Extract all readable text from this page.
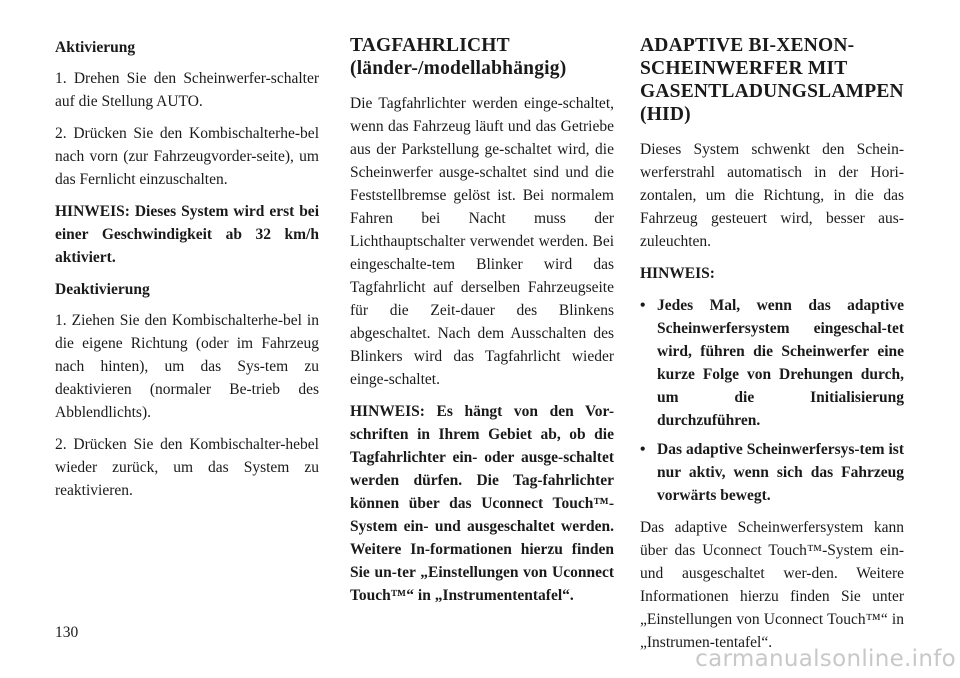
Aktivierung

1. Drehen Sie den Scheinwerfer-schalter auf die Stellung AUTO.

2. Drücken Sie den Kombischalterhe-bel nach vorn (zur Fahrzeugvorder-seite), um das Fernlicht einzuschalten.

HINWEIS: Dieses System wird erst bei einer Geschwindigkeit ab 32 km/h aktiviert.

Deaktivierung

1. Ziehen Sie den Kombischalterhe-bel in die eigene Richtung (oder im Fahrzeug nach hinten), um das Sys-tem zu deaktivieren (normaler Be-trieb des Abblendlichts).

2. Drücken Sie den Kombischalter-hebel wieder zurück, um das System zu reaktivieren.

TAGFAHRLICHT
(länder-/modellabhängig)

Die Tagfahrlichter werden einge-schaltet, wenn das Fahrzeug läuft und das Getriebe aus der Parkstellung ge-schaltet wird, die Scheinwerfer ausge-schaltet sind und die Feststellbremse gelöst ist. Bei normalem Fahren bei Nacht muss der Lichthauptschalter verwendet werden. Bei eingeschalte-tem Blinker wird das Tagfahrlicht auf derselben Fahrzeugseite für die Zeit-dauer des Blinkens abgeschaltet. Nach dem Ausschalten des Blinkers wird das Tagfahrlicht wieder einge-schaltet.

HINWEIS: Es hängt von den Vor-schriften in Ihrem Gebiet ab, ob die Tagfahrlichter ein- oder ausge-schaltet werden dürfen. Die Tag-fahrlichter können über das Uconnect Touch™-System ein- und ausgeschaltet werden. Weitere In-formationen hierzu finden Sie un-ter „Einstellungen von Uconnect Touch™“ in „Instrumententafel“.

ADAPTIVE BI-XENON-SCHEINWERFER MIT GASENTLADUNGSLAMPEN (HID)

Dieses System schwenkt den Schein-werferstrahl automatisch in der Hori-zontalen, um die Richtung, in die das Fahrzeug gesteuert wird, besser aus-zuleuchten.

HINWEIS:

• Jedes Mal, wenn das adaptive Scheinwerfersystem eingeschal-tet wird, führen die Scheinwerfer eine kurze Folge von Drehungen durch, um die Initialisierung durchzuführen.
• Das adaptive Scheinwerfersys-tem ist nur aktiv, wenn sich das Fahrzeug vorwärts bewegt.

Das adaptive Scheinwerfersystem kann über das Uconnect Touch™-System ein- und ausgeschaltet wer-den. Weitere Informationen hierzu finden Sie unter „Einstellungen von Uconnect Touch™“ in „Instrumen-tentafel“.

130
carmanualsonline.info
